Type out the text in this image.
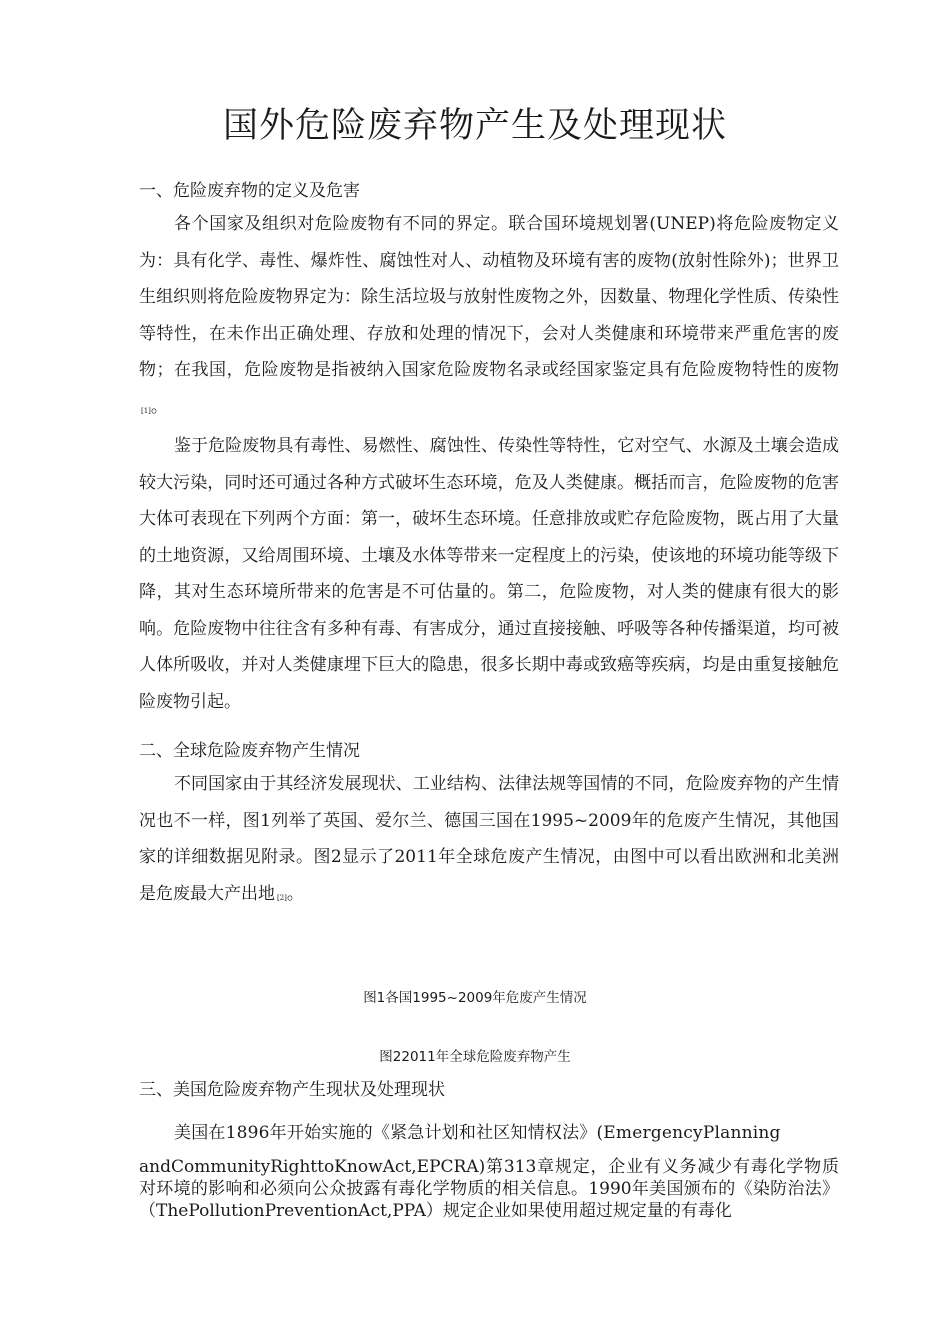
国外危险废弃物产生及处理现状

一、危险废弃物的定义及危害

各个国家及组织对危险废物有不同的界定。联合国环境规划署(UNEP)将危险废物定义为：具有化学、毒性、爆炸性、腐蚀性对人、动植物及环境有害的废物(放射性除外)；世界卫生组织则将危险废物界定为：除生活垃圾与放射性废物之外，因数量、物理化学性质、传染性等特性，在未作出正确处理、存放和处理的情况下，会对人类健康和环境带来严重危害的废物；在我国，危险废物是指被纳入国家危险废物名录或经国家鉴定具有危险废物特性的废物[1]。

鉴于危险废物具有毒性、易燃性、腐蚀性、传染性等特性，它对空气、水源及土壤会造成较大污染，同时还可通过各种方式破坏生态环境，危及人类健康。概括而言，危险废物的危害大体可表现在下列两个方面：第一，破坏生态环境。任意排放或贮存危险废物，既占用了大量的土地资源，又给周围环境、土壤及水体等带来一定程度上的污染，使该地的环境功能等级下降，其对生态环境所带来的危害是不可估量的。第二，危险废物，对人类的健康有很大的影响。危险废物中往往含有多种有毒、有害成分，通过直接接触、呼吸等各种传播渠道，均可被人体所吸收，并对人类健康埋下巨大的隐患，很多长期中毒或致癌等疾病，均是由重复接触危险废物引起。

二、全球危险废弃物产生情况

不同国家由于其经济发展现状、工业结构、法律法规等国情的不同，危险废弃物的产生情况也不一样，图1列举了英国、爱尔兰、德国三国在1995~2009年的危废产生情况，其他国家的详细数据见附录。图2显示了2011年全球危废产生情况，由图中可以看出欧洲和北美洲是危废最大产出地 [2]。

图1各国1995~2009年危废产生情况

图22011年全球危险废弃物产生

三、美国危险废弃物产生现状及处理现状

美国在1896年开始实施的《紧急计划和社区知情权法》(EmergencyPlanning

andCommunityRighttoKnowAct,EPCRA)第313章规定，企业有义务减少有毒化学物质对环境的影响和必须向公众披露有毒化学物质的相关信息。1990年美国颁布的《染防治法》（ThePollutionPreventionAct,PPA）规定企业如果使用超过规定量的有毒化
